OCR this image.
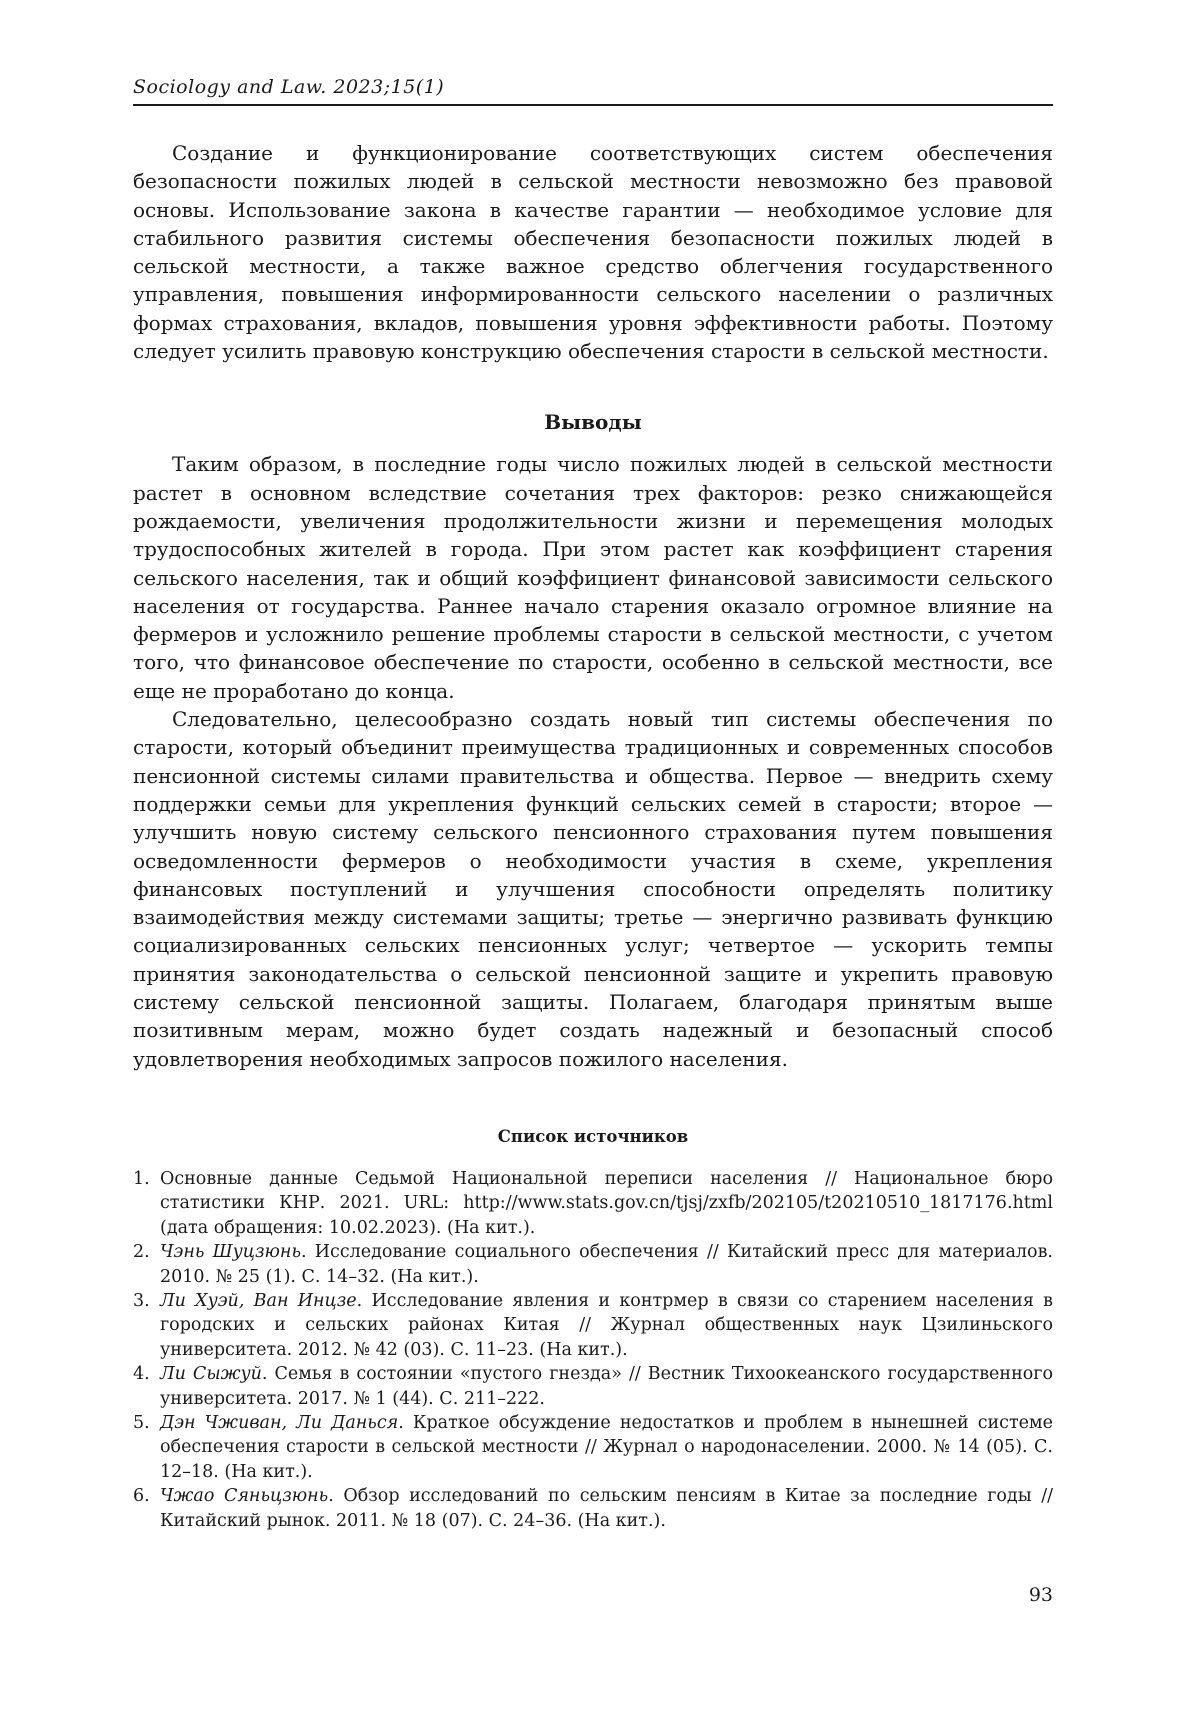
Sociology and Law. 2023;15(1)

Создание и функционирование соответствующих систем обеспечения безопасности пожилых людей в сельской местности невозможно без правовой основы. Использование закона в качестве гарантии — необходимое условие для стабильного развития системы обеспечения безопасности пожилых людей в сельской местности, а также важное средство облегчения государственного управления, повышения информированности сельского населении о различных формах страхования, вкладов, повышения уровня эффективности работы. Поэтому следует усилить правовую конструкцию обеспечения старости в сельской местности.

Выводы

Таким образом, в последние годы число пожилых людей в сельской местности растет в основном вследствие сочетания трех факторов: резко снижающейся рождаемости, увеличения продолжительности жизни и перемещения молодых трудоспособных жителей в города. При этом растет как коэффициент старения сельского населения, так и общий коэффициент финансовой зависимости сельского населения от государства. Раннее начало старения оказало огромное влияние на фермеров и усложнило решение проблемы старости в сельской местности, с учетом того, что финансовое обеспечение по старости, особенно в сельской местности, все еще не проработано до конца.

Следовательно, целесообразно создать новый тип системы обеспечения по старости, который объединит преимущества традиционных и современных способов пенсионной системы силами правительства и общества. Первое — внедрить схему поддержки семьи для укрепления функций сельских семей в старости; второе — улучшить новую систему сельского пенсионного страхования путем повышения осведомленности фермеров о необходимости участия в схеме, укрепления финансовых поступлений и улучшения способности определять политику взаимодействия между системами защиты; третье — энергично развивать функцию социализированных сельских пенсионных услуг; четвертое — ускорить темпы принятия законодательства о сельской пенсионной защите и укрепить правовую систему сельской пенсионной защиты. Полагаем, благодаря принятым выше позитивным мерам, можно будет создать надежный и безопасный способ удовлетворения необходимых запросов пожилого населения.

Список источников
1. Основные данные Седьмой Национальной переписи населения // Национальное бюро статистики КНР. 2021. URL: http://www.stats.gov.cn/tjsj/zxfb/202105/t20210510_1817176.html (дата обращения: 10.02.2023). (На кит.).
2. Чэнь Шуцзюнь. Исследование социального обеспечения // Китайский пресс для материалов. 2010. № 25 (1). С. 14–32. (На кит.).
3. Ли Хуэй, Ван Инцзе. Исследование явления и контрмер в связи со старением населения в городских и сельских районах Китая // Журнал общественных наук Цзилиньского университета. 2012. № 42 (03). С. 11–23. (На кит.).
4. Ли Сыжуй. Семья в состоянии «пустого гнезда» // Вестник Тихоокеанского государственного университета. 2017. № 1 (44). С. 211–222.
5. Дэн Чживан, Ли Данься. Краткое обсуждение недостатков и проблем в нынешней системе обеспечения старости в сельской местности // Журнал о народонаселении. 2000. № 14 (05). С. 12–18. (На кит.).
6. Чжао Сяньцзюнь. Обзор исследований по сельским пенсиям в Китае за последние годы // Китайский рынок. 2011. № 18 (07). С. 24–36. (На кит.).
93
